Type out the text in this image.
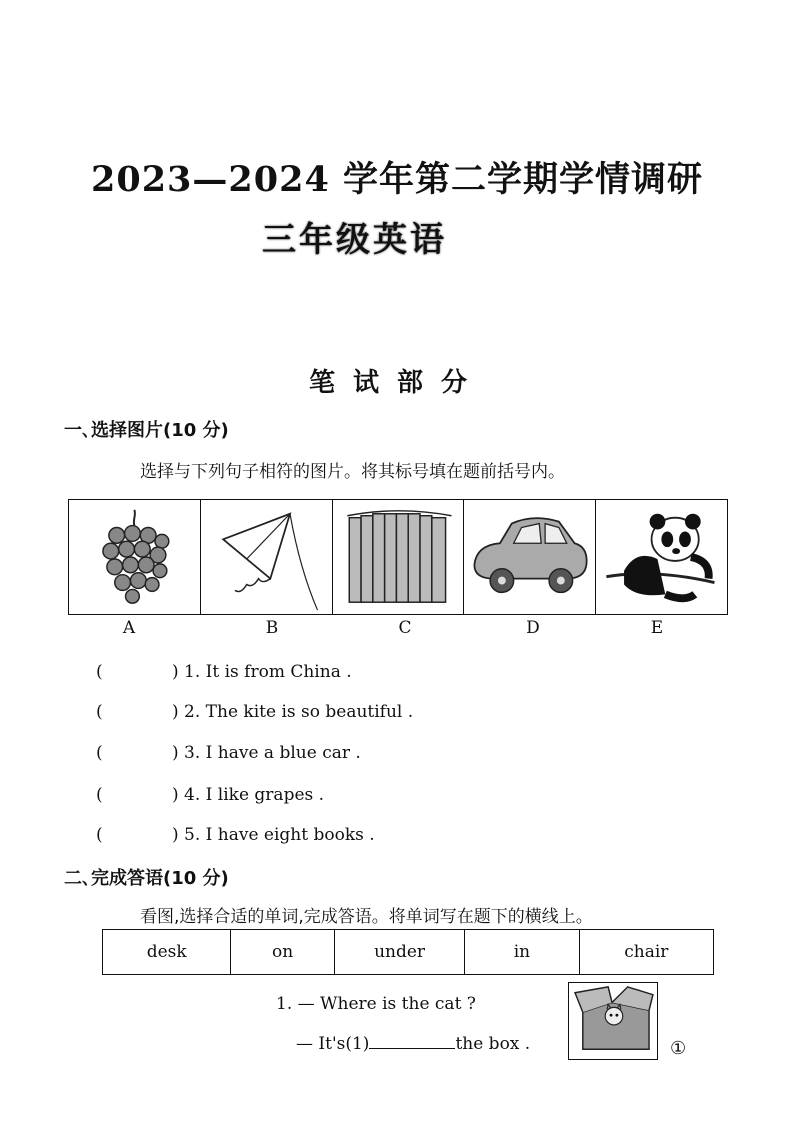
2023—2024 学年第二学期学情调研
三年级英语
笔试部分
一､选择图片(10 分)
选择与下列句子相符的图片。将其标号填在题前括号内。
A	B	C	D	E
(	) 1. It is from China .
(	) 2. The kite is so beautiful .
(	) 3. I have a blue car .
(	) 4. I like grapes .
(	) 5. I have eight books .
二､完成答语(10 分)
看图,选择合适的单词,完成答语。将单词写在题下的横线上。
desk	on	under	in	chair
1. — Where is the cat ?
— It's(1)	the box .	①
